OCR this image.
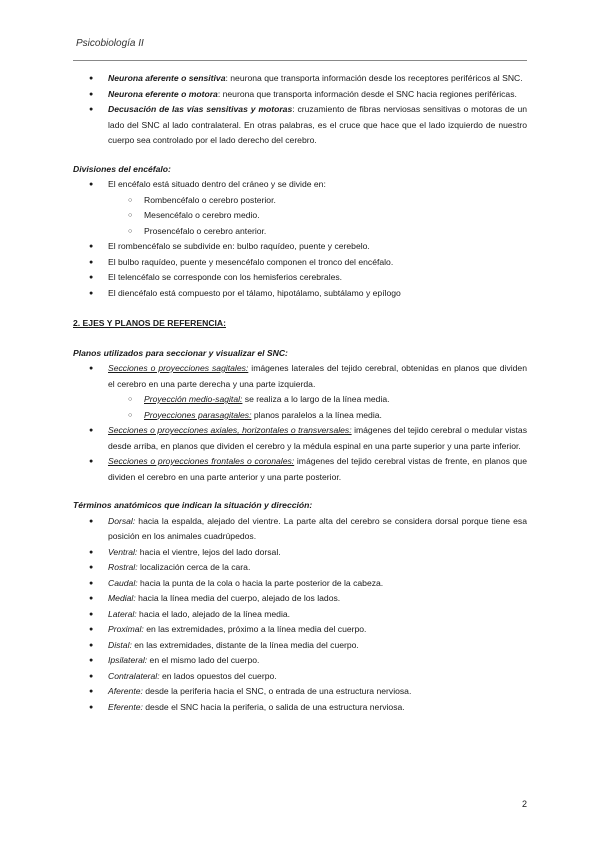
Psicobiología II
● Neurona aferente o sensitiva: neurona que transporta información desde los receptores periféricos al SNC.
● Neurona eferente o motora: neurona que transporta información desde el SNC hacia regiones periféricas.
● Decusación de las vías sensitivas y motoras: cruzamiento de fibras nerviosas sensitivas o motoras de un lado del SNC al lado contralateral. En otras palabras, es el cruce que hace que el lado izquierdo de nuestro cuerpo sea controlado por el lado derecho del cerebro.

Divisiones del encéfalo:

● El encéfalo está situado dentro del cráneo y se divide en:
○ Rombencéfalo o cerebro posterior.
○ Mesencéfalo o cerebro medio.
○ Prosencéfalo o cerebro anterior.
● El rombencéfalo se subdivide en: bulbo raquídeo, puente y cerebelo.
● El bulbo raquídeo, puente y mesencéfalo componen el tronco del encéfalo.
● El telencéfalo se corresponde con los hemisferios cerebrales.
● El diencéfalo está compuesto por el tálamo, hipotálamo, subtálamo y epílogo

2. EJES Y PLANOS DE REFERENCIA:

Planos utilizados para seccionar y visualizar el SNC:

● Secciones o proyecciones sagitales: imágenes laterales del tejido cerebral, obtenidas en planos que dividen el cerebro en una parte derecha y una parte izquierda.
○ Proyección medio-sagital: se realiza a lo largo de la línea media.
○ Proyecciones parasagitales: planos paralelos a la línea media.
● Secciones o proyecciones axiales, horizontales o transversales: imágenes del tejido cerebral o medular vistas desde arriba, en planos que dividen el cerebro y la médula espinal en una parte superior y una parte inferior.
● Secciones o proyecciones frontales o coronales: imágenes del tejido cerebral vistas de frente, en planos que dividen el cerebro en una parte anterior y una parte posterior.

Términos anatómicos que indican la situación y dirección:

● Dorsal: hacia la espalda, alejado del vientre. La parte alta del cerebro se considera dorsal porque tiene esa posición en los animales cuadrúpedos.
● Ventral: hacia el vientre, lejos del lado dorsal.
● Rostral: localización cerca de la cara.
● Caudal: hacia la punta de la cola o hacia la parte posterior de la cabeza.
● Medial: hacia la línea media del cuerpo, alejado de los lados.
● Lateral: hacia el lado, alejado de la línea media.
● Proximal: en las extremidades, próximo a la línea media del cuerpo.
● Distal: en las extremidades, distante de la línea media del cuerpo.
● Ipsilateral: en el mismo lado del cuerpo.
● Contralateral: en lados opuestos del cuerpo.
● Aferente: desde la periferia hacia el SNC, o entrada de una estructura nerviosa.
● Eferente: desde el SNC hacia la periferia, o salida de una estructura nerviosa.
2
